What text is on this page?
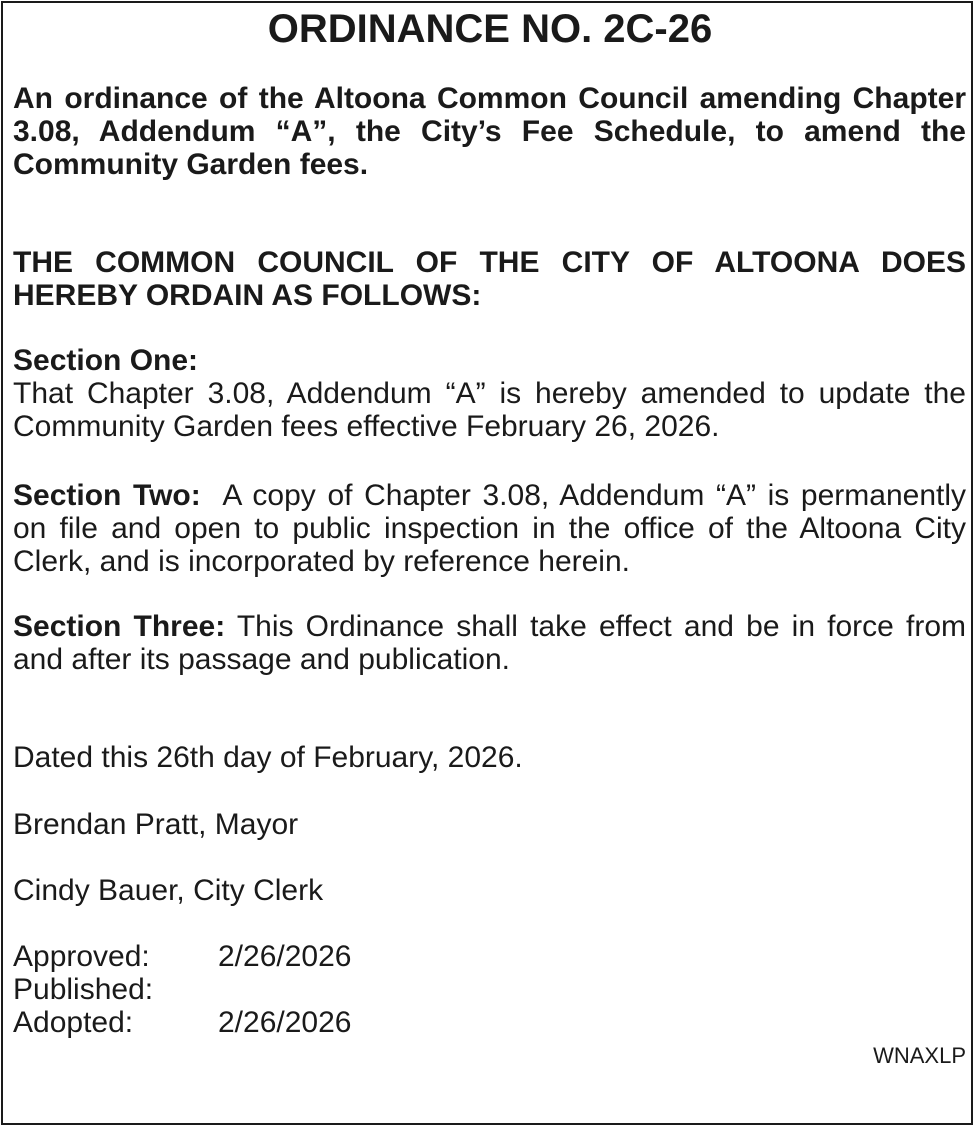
ORDINANCE NO. 2C-26
An ordinance of the Altoona Common Council amending Chapter 3.08, Addendum “A”, the City’s Fee Schedule, to amend the Community Garden fees.
THE COMMON COUNCIL OF THE CITY OF ALTOONA DOES HEREBY ORDAIN AS FOLLOWS:
Section One:
That Chapter 3.08, Addendum “A” is hereby amended to update the Community Garden fees effective February 26, 2026.
Section Two: A copy of Chapter 3.08, Addendum “A” is permanently on file and open to public inspection in the office of the Altoona City Clerk, and is incorporated by reference herein.
Section Three: This Ordinance shall take effect and be in force from and after its passage and publication.
Dated this 26th day of February, 2026.
Brendan Pratt, Mayor
Cindy Bauer, City Clerk
Approved:	2/26/2026
Published:
Adopted:	2/26/2026
WNAXLP
